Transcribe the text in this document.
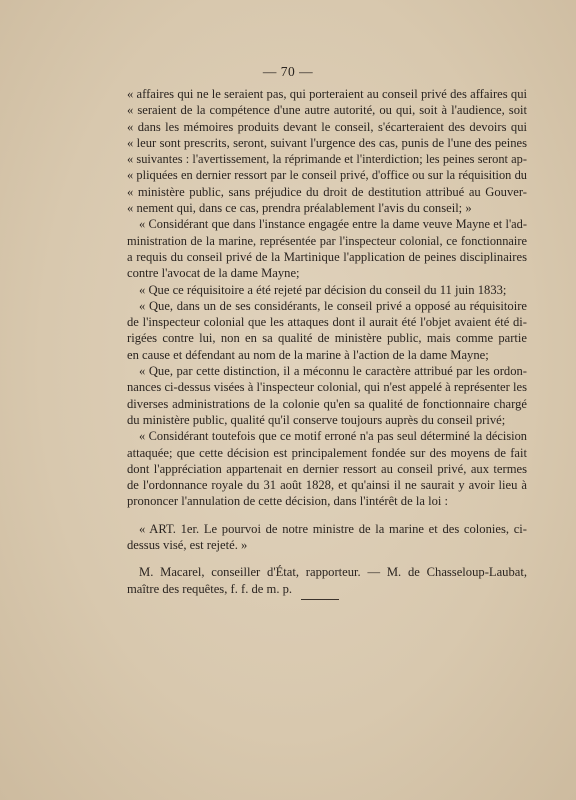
— 70 —
« affaires qui ne le seraient pas, qui porteraient au conseil privé des affaires qui
« seraient de la compétence d'une autre autorité, ou qui, soit à l'audience, soit
« dans les mémoires produits devant le conseil, s'écarteraient des devoirs qui
« leur sont prescrits, seront, suivant l'urgence des cas, punis de l'une des peines
« suivantes : l'avertissement, la réprimande et l'interdiction; les peines seront ap-
« pliquées en dernier ressort par le conseil privé, d'office ou sur la réquisition du
« ministère public, sans préjudice du droit de destitution attribué au Gouver-
« nement qui, dans ce cas, prendra préalablement l'avis du conseil; »
« Considérant que dans l'instance engagée entre la dame veuve Mayne et l'ad-
ministration de la marine, représentée par l'inspecteur colonial, ce fonctionnaire
a requis du conseil privé de la Martinique l'application de peines disciplinaires
contre l'avocat de la dame Mayne;
« Que ce réquisitoire a été rejeté par décision du conseil du 11 juin 1833;
« Que, dans un de ses considérants, le conseil privé a opposé au réquisitoire
de l'inspecteur colonial que les attaques dont il aurait été l'objet avaient été di-
rigées contre lui, non en sa qualité de ministère public, mais comme partie
en cause et défendant au nom de la marine à l'action de la dame Mayne;
« Que, par cette distinction, il a méconnu le caractère attribué par les ordon-
nances ci-dessus visées à l'inspecteur colonial, qui n'est appelé à représenter les
diverses administrations de la colonie qu'en sa qualité de fonctionnaire chargé
du ministère public, qualité qu'il conserve toujours auprès du conseil privé;
« Considérant toutefois que ce motif erroné n'a pas seul déterminé la décision
attaquée; que cette décision est principalement fondée sur des moyens de fait
dont l'appréciation appartenait en dernier ressort au conseil privé, aux termes
de l'ordonnance royale du 31 août 1828, et qu'ainsi il ne saurait y avoir lieu à
prononcer l'annulation de cette décision, dans l'intérêt de la loi :
« ART. 1er. Le pourvoi de notre ministre de la marine et des colonies, ci-
dessus visé, est rejeté. »
M. Macarel, conseiller d'État, rapporteur. — M. de Chasseloup-Laubat,
maître des requêtes, f. f. de m. p.
